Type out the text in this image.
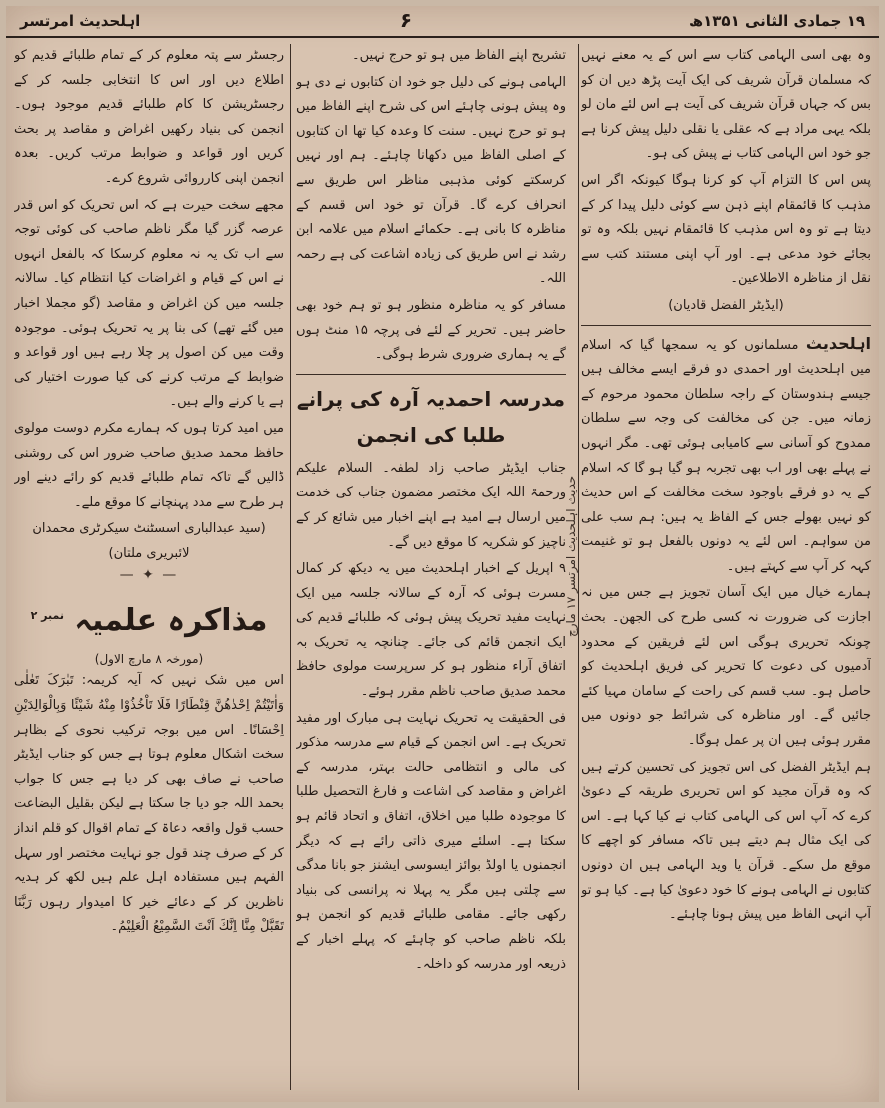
۱۹ جمادی الثانی ۱۳۵۱ھ
۶
اہلحدیث امرتسر

وہ بھی اسی الہامی کتاب سے اس کے یہ معنے نہیں کہ مسلمان قرآن شریف کی ایک آیت پڑھ دیں ان کو بس کہ جہاں قرآن شریف کی آیت ہے اس لئے مان لو بلکہ یہی مراد ہے کہ عقلی یا نقلی دلیل پیش کرنا ہے جو خود اس الہامی کتاب نے پیش کی ہو۔

پس اس کا التزام آپ کو کرنا ہوگا کیونکہ اگر اس مذہب کا قائمقام اپنے ذہن سے کوئی دلیل پیدا کر کے دیتا ہے تو وہ اس مذہب کا قائمقام نہیں بلکہ وہ تو بجائے خود مدعی ہے۔ اور آپ اپنی مستند کتب سے نقل از مناظرہ الاطلاعین۔

(ایڈیٹر الفضل قادیان)

اہلحدیث مسلمانوں کو یہ سمجھا گیا کہ اسلام میں اہلحدیث اور احمدی دو فرقے ایسے مخالف ہیں جیسے ہندوستان کے راجہ سلطان محمود مرحوم کے زمانہ میں۔ جن کی مخالفت کی وجہ سے سلطان ممدوح کو آسانی سے کامیابی ہوئی تھی۔ مگر انہوں نے پہلے بھی اور اب بھی تجربہ ہو گیا ہو گا کہ اسلام کے یہ دو فرقے باوجود سخت مخالفت کے اس حدیث کو نہیں بھولے جس کے الفاظ یہ ہیں: ہم سب علی من سواہم۔ اس لئے یہ دونوں بالفعل ہو تو غنیمت کہہ کر آپ سے کہتے ہیں۔

ہمارے خیال میں ایک آسان تجویز ہے جس میں نہ اجازت کی ضرورت نہ کسی طرح کی الجھن۔ بحث چونکہ تحریری ہوگی اس لئے فریقین کے محدود آدمیوں کی دعوت کا تحریر کی فریق اہلحدیث کو حاصل ہو۔ سب قسم کی راحت کے سامان مہیا کئے جائیں گے۔ اور مناظرہ کی شرائط جو دونوں میں مقرر ہوئی ہیں ان پر عمل ہوگا۔

ہم ایڈیٹر الفضل کی اس تجویز کی تحسین کرتے ہیں کہ وہ قرآن مجید کو اس تحریری طریقہ کے دعویٰ کرے کہ آپ اس کی الہامی کتاب نے کیا کہا ہے۔ اس کی ایک مثال ہم دیتے ہیں تاکہ مسافر کو اچھے کا موقع مل سکے۔ قرآن یا وید الہامی ہیں ان دونوں کتابوں نے الہامی ہونے کا خود دعویٰ کیا ہے۔ کیا ہو تو آپ انہی الفاظ میں پیش ہونا چاہئے۔

حدیث اہلحدیث امرتسر ۱۷ مارچ

تشریح اپنے الفاظ میں ہو تو حرج نہیں۔

الہامی ہونے کی دلیل جو خود ان کتابوں نے دی ہو وہ پیش ہونی چاہئے اس کی شرح اپنے الفاظ میں ہو تو حرج نہیں۔ سنت کا وعدہ کیا تھا ان کتابوں کے اصلی الفاظ میں دکھانا چاہئے۔ ہم اور نہیں کرسکتے کوئی مذہبی مناظر اس طریق سے انحراف کرے گا۔ قرآن تو خود اس قسم کے مناظرہ کا بانی ہے۔ حکمائے اسلام میں علامہ ابن رشد نے اس طریق کی زیادہ اشاعت کی ہے رحمہ اللہ۔

مسافر کو یہ مناظرہ منظور ہو تو ہم خود بھی حاضر ہیں۔ تحریر کے لئے فی پرچہ ۱۵ منٹ ہوں گے یہ ہماری ضروری شرط ہوگی۔

مدرسہ احمدیہ آرہ کی پرانے طلبا کی انجمن

جناب ایڈیٹر صاحب زاد لطفہ۔ السلام علیکم ورحمۃ اللہ ایک مختصر مضمون جناب کی خدمت میں ارسال ہے امید ہے اپنے اخبار میں شائع کر کے ناچیز کو شکریہ کا موقع دیں گے۔

۹ اپریل کے اخبار اہلحدیث میں یہ دیکھ کر کمال مسرت ہوئی کہ آرہ کے سالانہ جلسہ میں ایک نہایت مفید تحریک پیش ہوئی کہ طلبائے قدیم کی ایک انجمن قائم کی جائے۔ چنانچہ یہ تحریک بہ اتفاق آراء منظور ہو کر سرپرست مولوی حافظ محمد صدیق صاحب ناظم مقرر ہوئے۔

فی الحقیقت یہ تحریک نہایت ہی مبارک اور مفید تحریک ہے۔ اس انجمن کے قیام سے مدرسہ مذکور کی مالی و انتظامی حالت بہتر، مدرسہ کے اغراض و مقاصد کی اشاعت و فارغ التحصیل طلبا کا موجودہ طلبا میں اخلاق، اتفاق و اتحاد قائم ہو سکتا ہے۔ اسلئے میری ذاتی رائے ہے کہ دیگر انجمنوں یا اولڈ بوائز ایسوسی ایشنز جو بانا مدگی سے چلتی ہیں مگر یہ پہلا نہ پرانسی کی بنیاد رکھی جائے۔ مقامی طلبائے قدیم کو انجمن ہو بلکہ ناظم صاحب کو چاہئے کہ پہلے اخبار کے ذریعہ اور مدرسہ کو داخلہ۔

رجسٹر سے پتہ معلوم کر کے تمام طلبائے قدیم کو اطلاع دیں اور اس کا انتخابی جلسہ کر کے رجسٹریشن کا کام طلبائے قدیم موجود ہوں۔ انجمن کی بنیاد رکھیں اغراض و مقاصد پر بحث کریں اور قواعد و ضوابط مرتب کریں۔ بعدہ انجمن اپنی کارروائی شروع کرے۔

مجھے سخت حیرت ہے کہ اس تحریک کو اس قدر عرصہ گزر گیا مگر ناظم صاحب کی کوئی توجہ سے اب تک یہ نہ معلوم کرسکا کہ بالفعل انہوں نے اس کے قیام و اغراضات کیا انتظام کیا۔ سالانہ جلسہ میں کن اغراض و مقاصد (گو مجملا اخبار میں گئے تھے) کی بنا پر یہ تحریک ہوئی۔ موجودہ وقت میں کن اصول پر چلا رہے ہیں اور قواعد و ضوابط کے مرتب کرنے کی کیا صورت اختیار کی ہے یا کرنے والے ہیں۔

میں امید کرتا ہوں کہ ہمارے مکرم دوست مولوی حافظ محمد صدیق صاحب ضرور اس کی روشنی ڈالیں گے تاکہ تمام طلبائے قدیم کو رائے دینے اور ہر طرح سے مدد پہنچانے کا موقع ملے۔

(سید عبدالباری اسسٹنٹ سیکرٹری محمدان لائبریری ملتان)
— ✦ —
مذاکرہ علمیہ $^{نمبر ۲}$
(مورخہ ۸ مارچ الاول)

اس میں شک نہیں کہ آیہ کریمہ: تَبٰرَکَ تَعٰلٰی وَاٰتَیْتُمْ اِحْدٰهُنَّ قِنْطَارًا فَلَا تَاْخُذُوْا مِنْهُ شَیْئًا وَبِالْوَالِدَیْنِ اِحْسَانًا۔ اس میں بوجہ ترکیب نحوی کے بظاہر سخت اشکال معلوم ہوتا ہے جس کو جناب ایڈیٹر صاحب نے صاف بھی کر دیا ہے جس کا جواب بحمد اللہ جو دیا جا سکتا ہے لیکن بقلیل البضاعت حسب قول واقعہ دعاۃ کے تمام اقوال کو قلم انداز کر کے صرف چند قول جو نہایت مختصر اور سہل الفہم ہیں مستفادہ اہل علم ہیں لکھ کر ہدیہ ناظرین کر کے دعائے خیر کا امیدوار رہوں رَبَّنَا تَقَبَّلْ مِنَّا اِنَّكَ اَنْتَ السَّمِیْعُ الْعَلِیْمُ۔
